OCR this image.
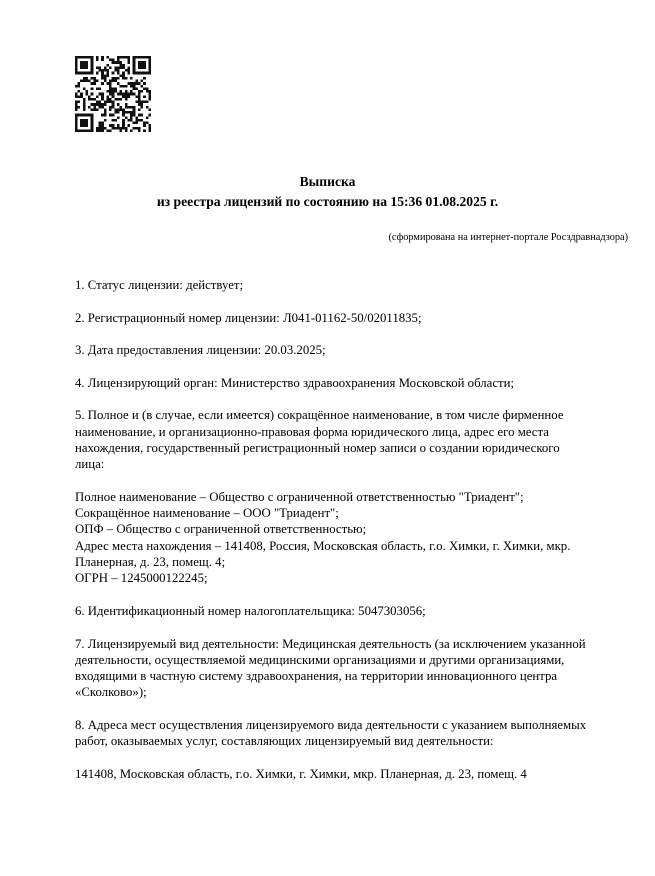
Выписка
из реестра лицензий по состоянию на 15:36 01.08.2025 г.
(сформирована на интернет-портале Росздравнадзора)

1. Статус лицензии: действует;

2. Регистрационный номер лицензии: Л041-01162-50/02011835;

3. Дата предоставления лицензии: 20.03.2025;

4. Лицензирующий орган: Министерство здравоохранения Московской области;

5. Полное и (в случае, если имеется) сокращённое наименование, в том числе фирменное наименование, и организационно-правовая форма юридического лица, адрес его места нахождения, государственный регистрационный номер записи о создании юридического лица:

Полное наименование – Общество с ограниченной ответственностью "Триадент";
Сокращённое наименование – ООО "Триадент";
ОПФ – Общество с ограниченной ответственностью;
Адрес места нахождения – 141408, Россия, Московская область, г.о. Химки, г. Химки, мкр. Планерная, д. 23, помещ. 4;
ОГРН – 1245000122245;

6. Идентификационный номер налогоплательщика: 5047303056;

7. Лицензируемый вид деятельности: Медицинская деятельность (за исключением указанной деятельности, осуществляемой медицинскими организациями и другими организациями, входящими в частную систему здравоохранения, на территории инновационного центра «Сколково»);

8. Адреса мест осуществления лицензируемого вида деятельности с указанием выполняемых работ, оказываемых услуг, составляющих лицензируемый вид деятельности:

141408, Московская область, г.о. Химки, г. Химки, мкр. Планерная, д. 23, помещ. 4
